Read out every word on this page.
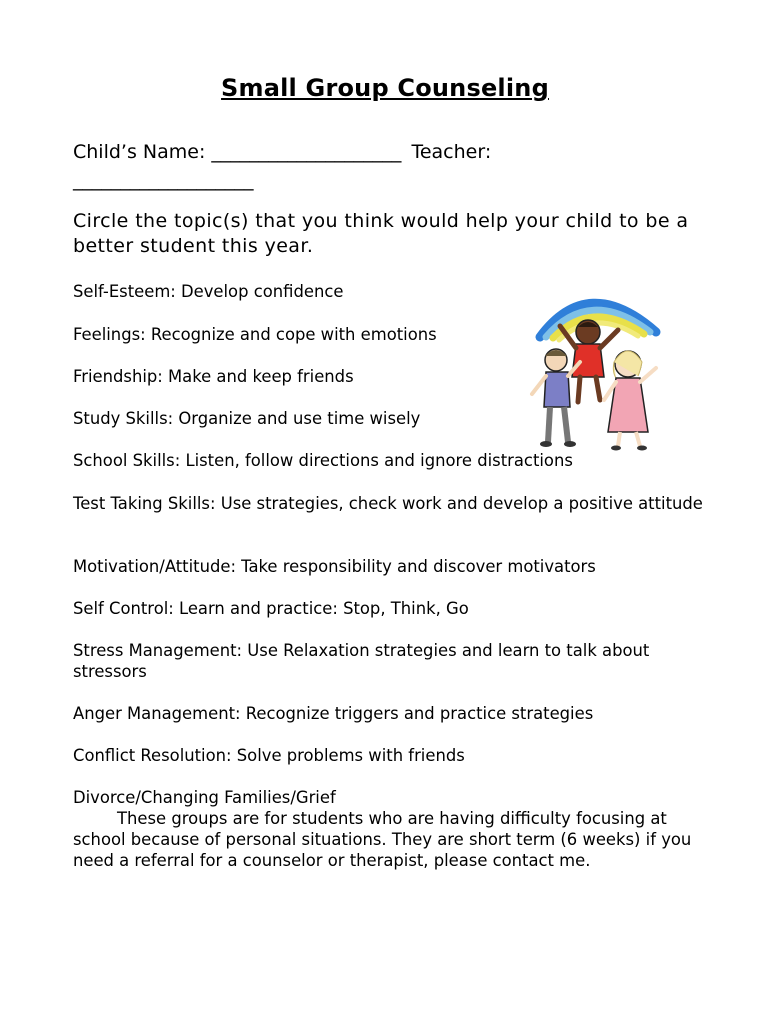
Small Group Counseling
Child’s Name: ____________________ Teacher:
___________________
Circle the topic(s) that you think would help your child to be a better student this year.
Self-Esteem: Develop confidence
Feelings: Recognize and cope with emotions
Friendship: Make and keep friends
Study Skills: Organize and use time wisely
School Skills: Listen, follow directions and ignore distractions
Test Taking Skills: Use strategies, check work and develop a positive attitude
Motivation/Attitude: Take responsibility and discover motivators
Self Control: Learn and practice: Stop, Think, Go
Stress Management: Use Relaxation strategies and learn to talk about stressors
Anger Management: Recognize triggers and practice strategies
Conflict Resolution: Solve problems with friends
Divorce/Changing Families/Grief
These groups are for students who are having difficulty focusing at school because of personal situations. They are short term (6 weeks) if you need a referral for a counselor or therapist, please contact me.
